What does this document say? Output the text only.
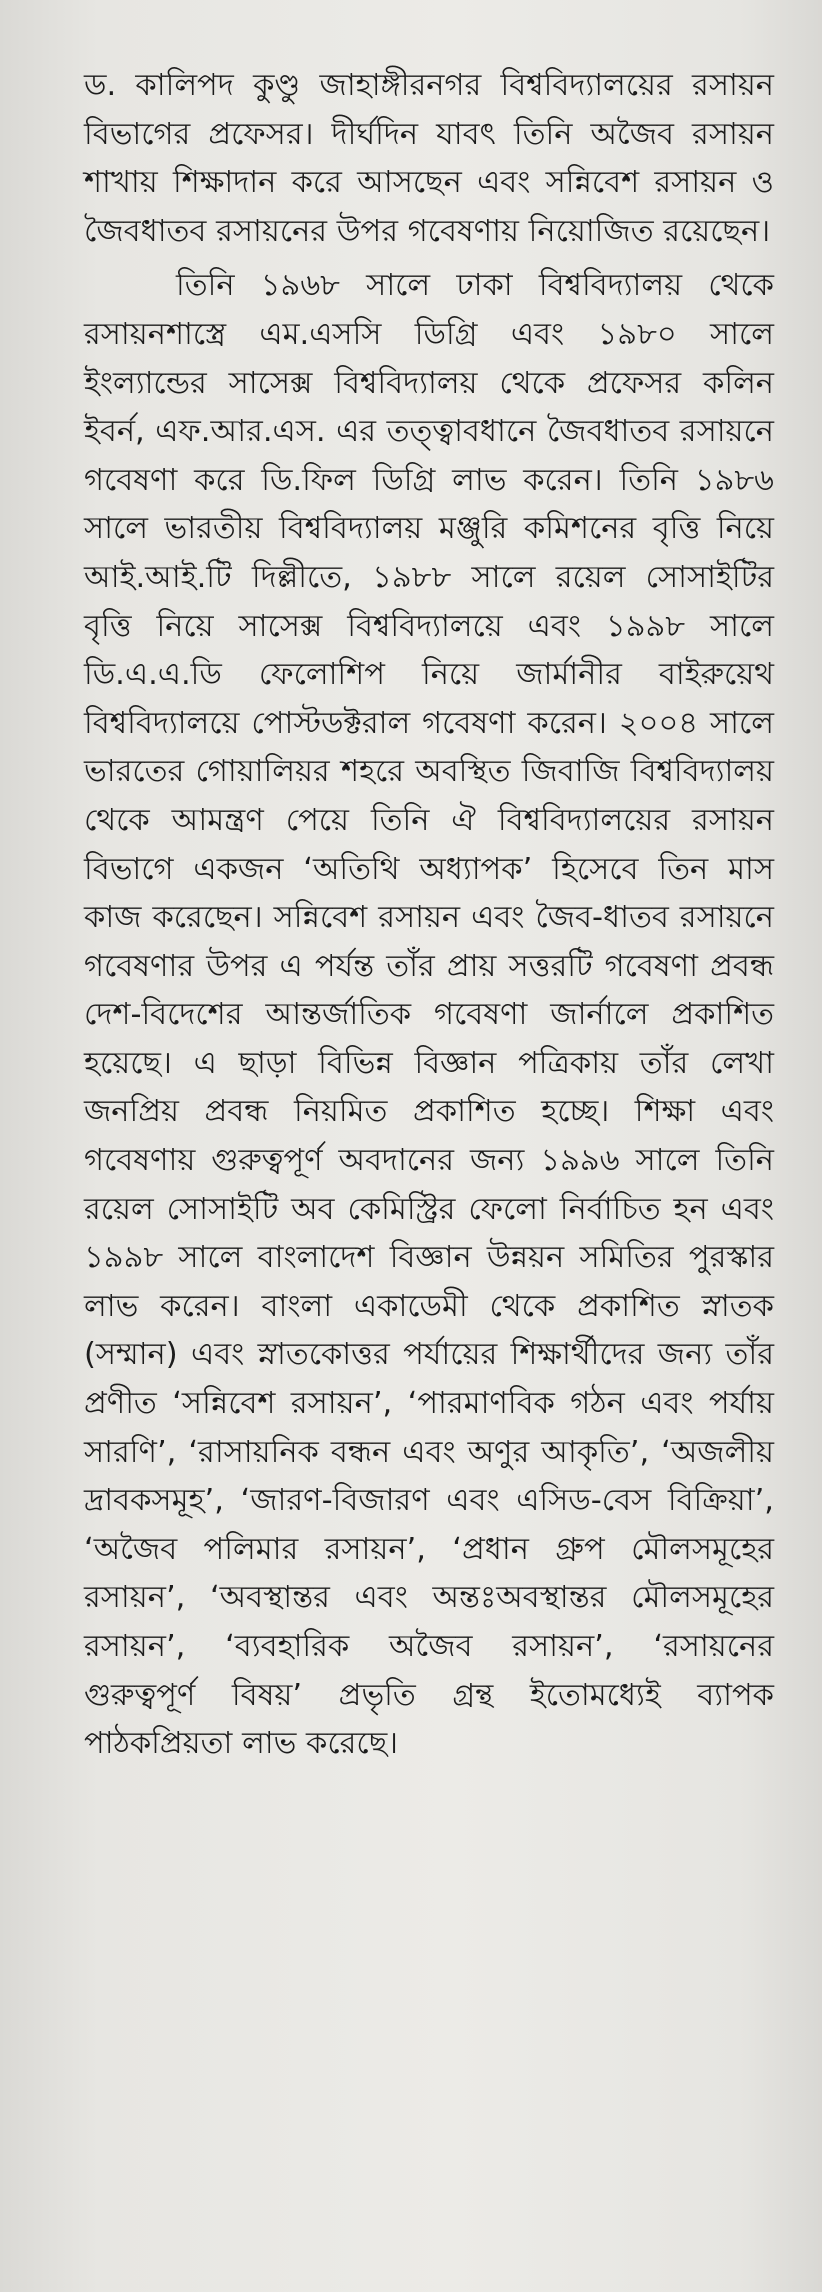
ড. কালিপদ কুণ্ডু জাহাঙ্গীরনগর বিশ্ববিদ্যালয়ের রসায়ন বিভাগের প্রফেসর। দীর্ঘদিন যাবৎ তিনি অজৈব রসায়ন শাখায় শিক্ষাদান করে আসছেন এবং সন্নিবেশ রসায়ন ও জৈবধাতব রসায়নের উপর গবেষণায় নিয়োজিত রয়েছেন।

তিনি ১৯৬৮ সালে ঢাকা বিশ্ববিদ্যালয় থেকে রসায়নশাস্ত্রে এম.এসসি ডিগ্রি এবং ১৯৮০ সালে ইংল্যান্ডের সাসেক্স বিশ্ববিদ্যালয় থেকে প্রফেসর কলিন ইবর্ন, এফ.আর.এস. এর তত্ত্বাবধানে জৈবধাতব রসায়নে গবেষণা করে ডি.ফিল ডিগ্রি লাভ করেন। তিনি ১৯৮৬ সালে ভারতীয় বিশ্ববিদ্যালয় মঞ্জুরি কমিশনের বৃত্তি নিয়ে আই.আই.টি দিল্লীতে, ১৯৮৮ সালে রয়েল সোসাইটির বৃত্তি নিয়ে সাসেক্স বিশ্ববিদ্যালয়ে এবং ১৯৯৮ সালে ডি.এ.এ.ডি ফেলোশিপ নিয়ে জার্মানীর বাইরুয়েথ বিশ্ববিদ্যালয়ে পোস্টডক্টরাল গবেষণা করেন। ২০০৪ সালে ভারতের গোয়ালিয়র শহরে অবস্থিত জিবাজি বিশ্ববিদ্যালয় থেকে আমন্ত্রণ পেয়ে তিনি ঐ বিশ্ববিদ্যালয়ের রসায়ন বিভাগে একজন ‘অতিথি অধ্যাপক’ হিসেবে তিন মাস কাজ করেছেন। সন্নিবেশ রসায়ন এবং জৈব-ধাতব রসায়নে গবেষণার উপর এ পর্যন্ত তাঁর প্রায় সত্তরটি গবেষণা প্রবন্ধ দেশ-বিদেশের আন্তর্জাতিক গবেষণা জার্নালে প্রকাশিত হয়েছে। এ ছাড়া বিভিন্ন বিজ্ঞান পত্রিকায় তাঁর লেখা জনপ্রিয় প্রবন্ধ নিয়মিত প্রকাশিত হচ্ছে। শিক্ষা এবং গবেষণায় গুরুত্বপূর্ণ অবদানের জন্য ১৯৯৬ সালে তিনি রয়েল সোসাইটি অব কেমিস্ট্রির ফেলো নির্বাচিত হন এবং ১৯৯৮ সালে বাংলাদেশ বিজ্ঞান উন্নয়ন সমিতির পুরস্কার লাভ করেন। বাংলা একাডেমী থেকে প্রকাশিত স্নাতক (সম্মান) এবং স্নাতকোত্তর পর্যায়ের শিক্ষার্থীদের জন্য তাঁর প্রণীত ‘সন্নিবেশ রসায়ন’, ‘পারমাণবিক গঠন এবং পর্যায় সারণি’, ‘রাসায়নিক বন্ধন এবং অণুর আকৃতি’, ‘অজলীয় দ্রাবকসমূহ’, ‘জারণ-বিজারণ এবং এসিড-বেস বিক্রিয়া’, ‘অজৈব পলিমার রসায়ন’, ‘প্রধান গ্রুপ মৌলসমূহের রসায়ন’, ‘অবস্থান্তর এবং অন্তঃঅবস্থান্তর মৌলসমূহের রসায়ন’, ‘ব্যবহারিক অজৈব রসায়ন’, ‘রসায়নের গুরুত্বপূর্ণ বিষয়’ প্রভৃতি গ্রন্থ ইতোমধ্যেই ব্যাপক পাঠকপ্রিয়তা লাভ করেছে।
